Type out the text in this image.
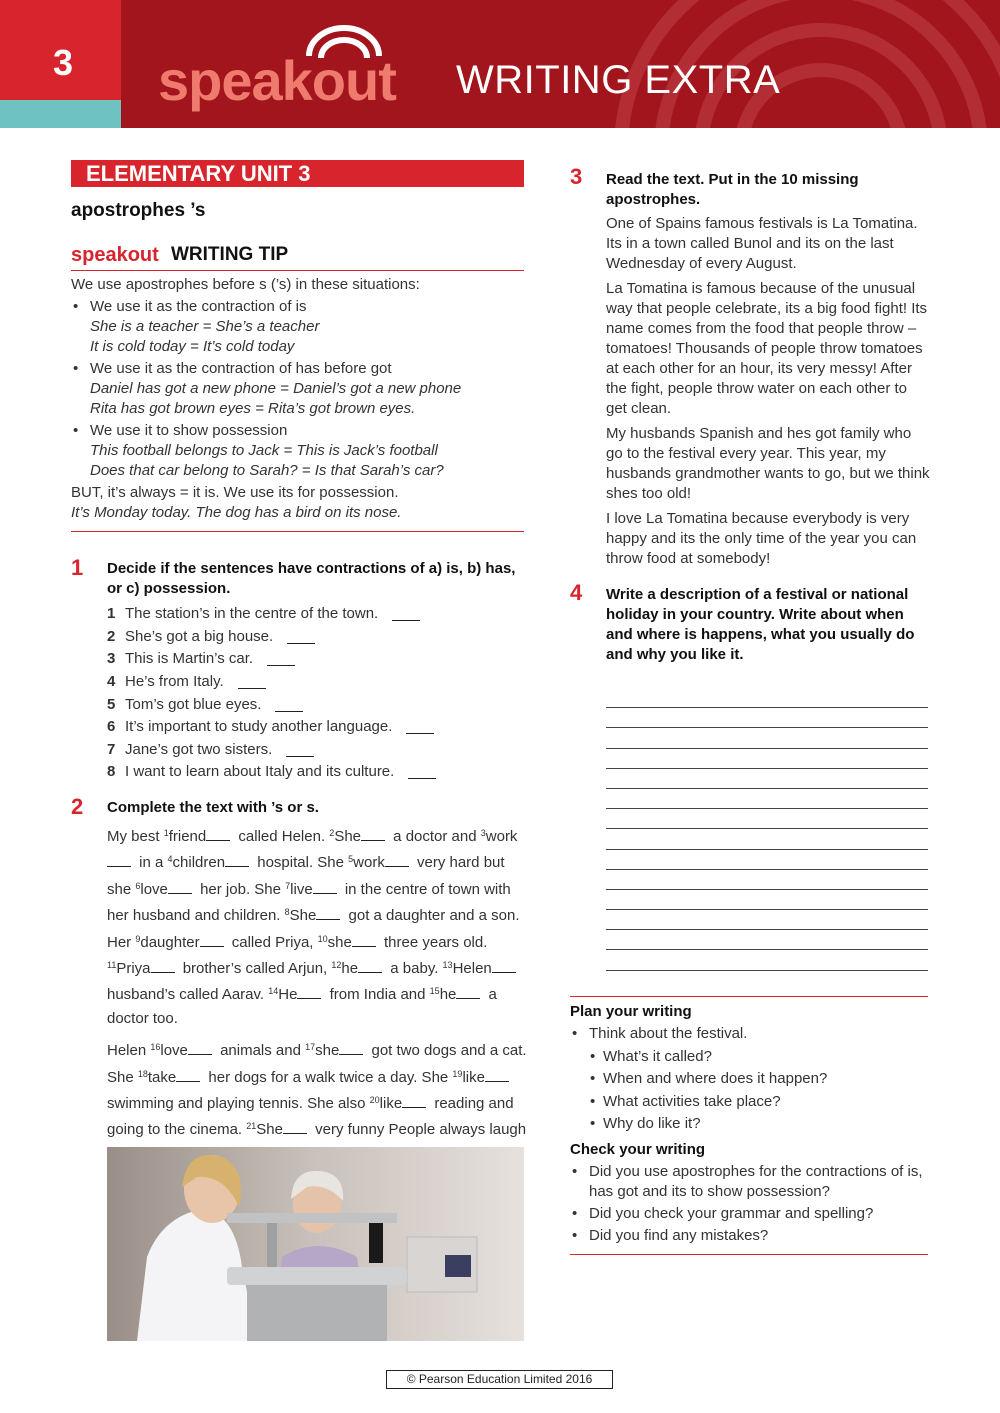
3 speakout WRITING EXTRA
ELEMENTARY UNIT 3
apostrophes ’s
speakout WRITING TIP
We use apostrophes before s (’s) in these situations:
• We use it as the contraction of is
She is a teacher = She’s a teacher
It is cold today = It’s cold today
• We use it as the contraction of has before got
Daniel has got a new phone = Daniel’s got a new phone
Rita has got brown eyes = Rita’s got brown eyes.
• We use it to show possession
This football belongs to Jack = This is Jack’s football
Does that car belong to Sarah? = Is that Sarah’s car?
BUT, it’s always = it is. We use its for possession.
It’s Monday today. The dog has a bird on its nose.
1 Decide if the sentences have contractions of a) is, b) has, or c) possession.
1 The station’s in the centre of the town.
2 She’s got a big house.
3 This is Martin’s car.
4 He’s from Italy.
5 Tom’s got blue eyes.
6 It’s important to study another language.
7 Jane’s got two sisters.
8 I want to learn about Italy and its culture.
2 Complete the text with ’s or s.

My best $^1$friend called Helen. $^2$She a doctor and $^3$work in a $^4$children hospital. She $^5$work very hard but she $^6$love her job. She $^7$live in the centre of town with her husband and children. $^8$She got a daughter and a son. Her $^9$daughter called Priya, $^{10}$she three years old. $^{11}$Priya brother’s called Arjun, $^{12}$he a baby. $^{13}$Helen husband’s called Aarav. $^{14}$He from India and $^{15}$he a doctor too.

Helen $^{16}$love animals and $^{17}$she got two dogs and a cat. She $^{18}$take her dogs for a walk twice a day. She $^{19}$like swimming and playing tennis. She also $^{20}$like reading and going to the cinema. $^{21}$She very funny People always laugh

3 Read the text. Put in the 10 missing apostrophes.

One of Spains famous festivals is La Tomatina. Its in a town called Bunol and its on the last Wednesday of every August.

La Tomatina is famous because of the unusual way that people celebrate, its a big food fight! Its name comes from the food that people throw – tomatoes! Thousands of people throw tomatoes at each other for an hour, its very messy! After the fight, people throw water on each other to get clean.

My husbands Spanish and hes got family who go to the festival every year. This year, my husbands grandmother wants to go, but we think shes too old!

I love La Tomatina because everybody is very happy and its the only time of the year you can throw food at somebody!

4 Write a description of a festival or national holiday in your country. Write about when and where is happens, what you usually do and why you like it.
Plan your writing
• Think about the festival.
• What’s it called?
• When and where does it happen?
• What activities take place?
• Why do like it?
Check your writing
• Did you use apostrophes for the contractions of is, has got and its to show possession?
• Did you check your grammar and spelling?
• Did you find any mistakes?
© Pearson Education Limited 2016
